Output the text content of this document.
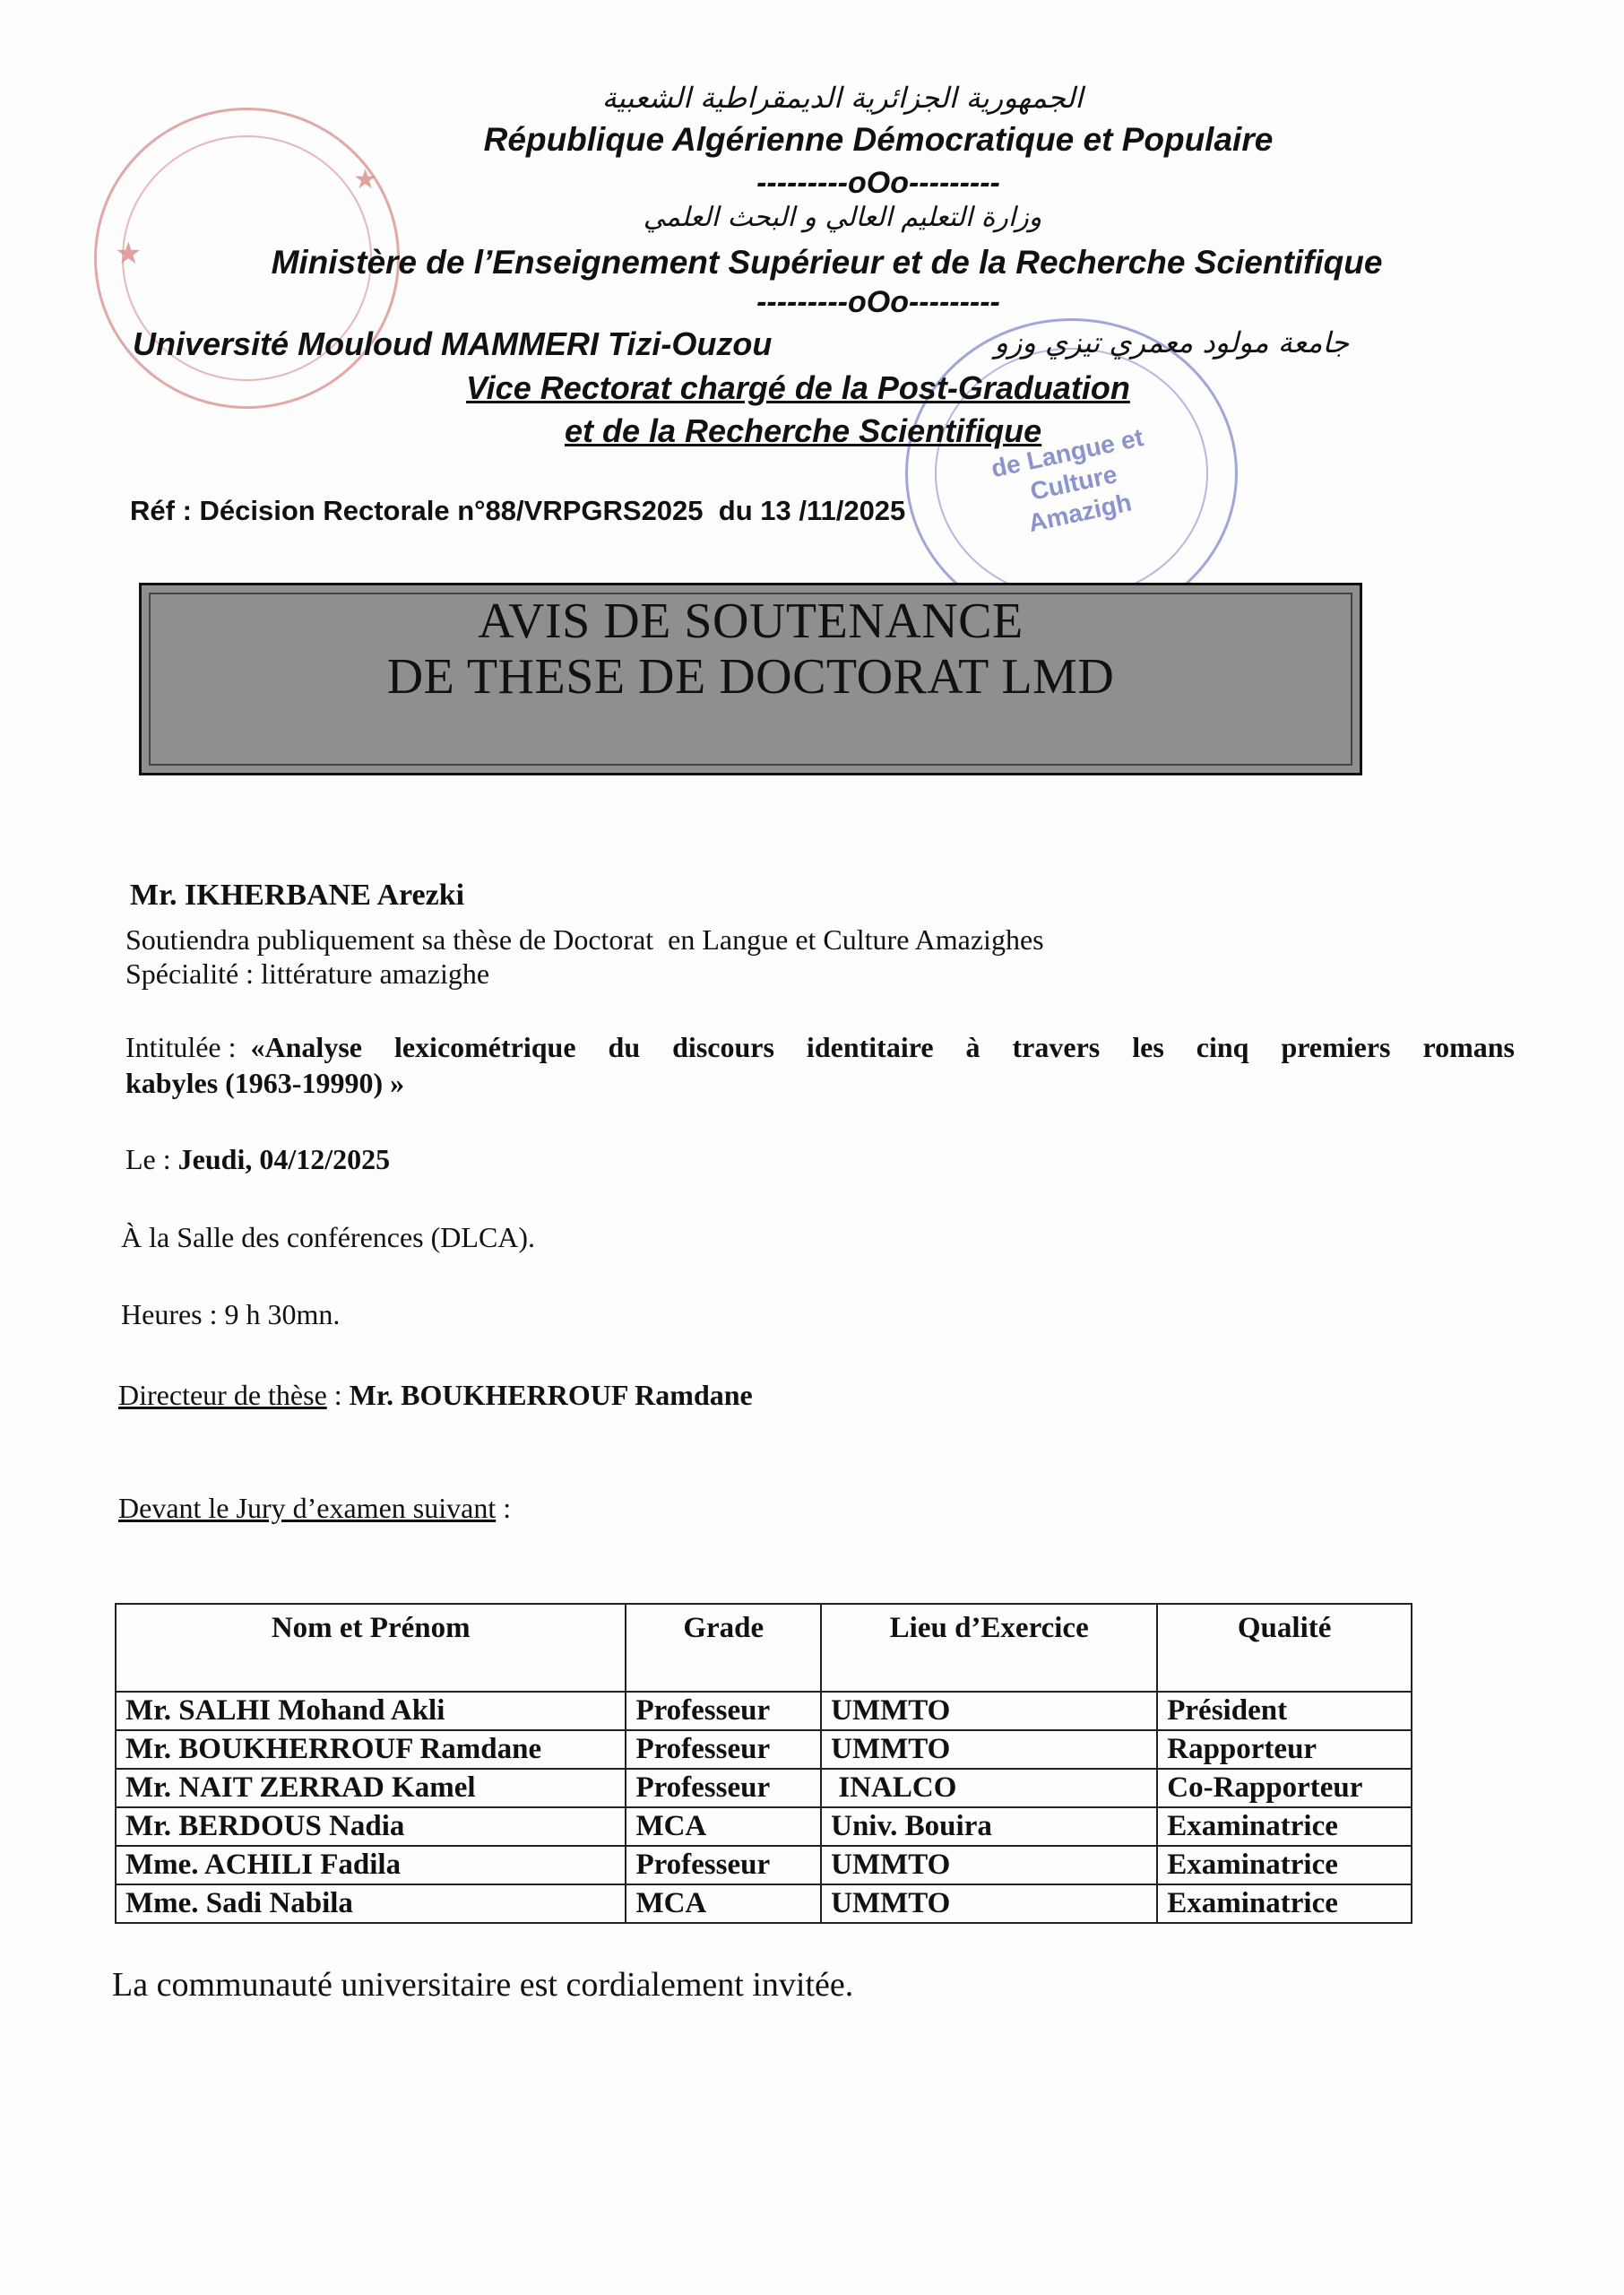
★
★
de Langue et Culture Amazigh
الجمهورية الجزائرية الديمقراطية الشعبية
République Algérienne Démocratique et Populaire
---------oOo---------
وزارة التعليم العالي و البحث العلمي
Ministère de l’Enseignement Supérieur et de la Recherche Scientifique
---------oOo---------
Université Mouloud MAMMERI Tizi-Ouzou	جامعة مولود معمري تيزي وزو
Vice Rectorat chargé de la Post-Graduation
et de la Recherche Scientifique
Réf : Décision Rectorale n°88/VRPGRS2025  du 13 /11/2025
AVIS DE SOUTENANCE
DE THESE DE DOCTORAT LMD
Mr. IKHERBANE Arezki
Soutiendra publiquement sa thèse de Doctorat  en Langue et Culture Amazighes
Spécialité : littérature amazighe
Intitulée : «Analyse lexicométrique du discours identitaire à travers les cinq premiers romans
kabyles (1963-19990) »
Le : Jeudi, 04/12/2025
À la Salle des conférences (DLCA).
Heures : 9 h 30mn.
Directeur de thèse : Mr. BOUKHERROUF Ramdane
Devant le Jury d’examen suivant :
Nom et Prénom	Grade	Lieu d’Exercice	Qualité
Mr. SALHI Mohand Akli	Professeur	UMMTO	Président
Mr. BOUKHERROUF Ramdane	Professeur	UMMTO	Rapporteur
Mr. NAIT ZERRAD Kamel	Professeur	INALCO	Co-Rapporteur
Mr. BERDOUS Nadia	MCA	Univ. Bouira	Examinatrice
Mme. ACHILI Fadila	Professeur	UMMTO	Examinatrice
Mme. Sadi Nabila	MCA	UMMTO	Examinatrice
La communauté universitaire est cordialement invitée.
